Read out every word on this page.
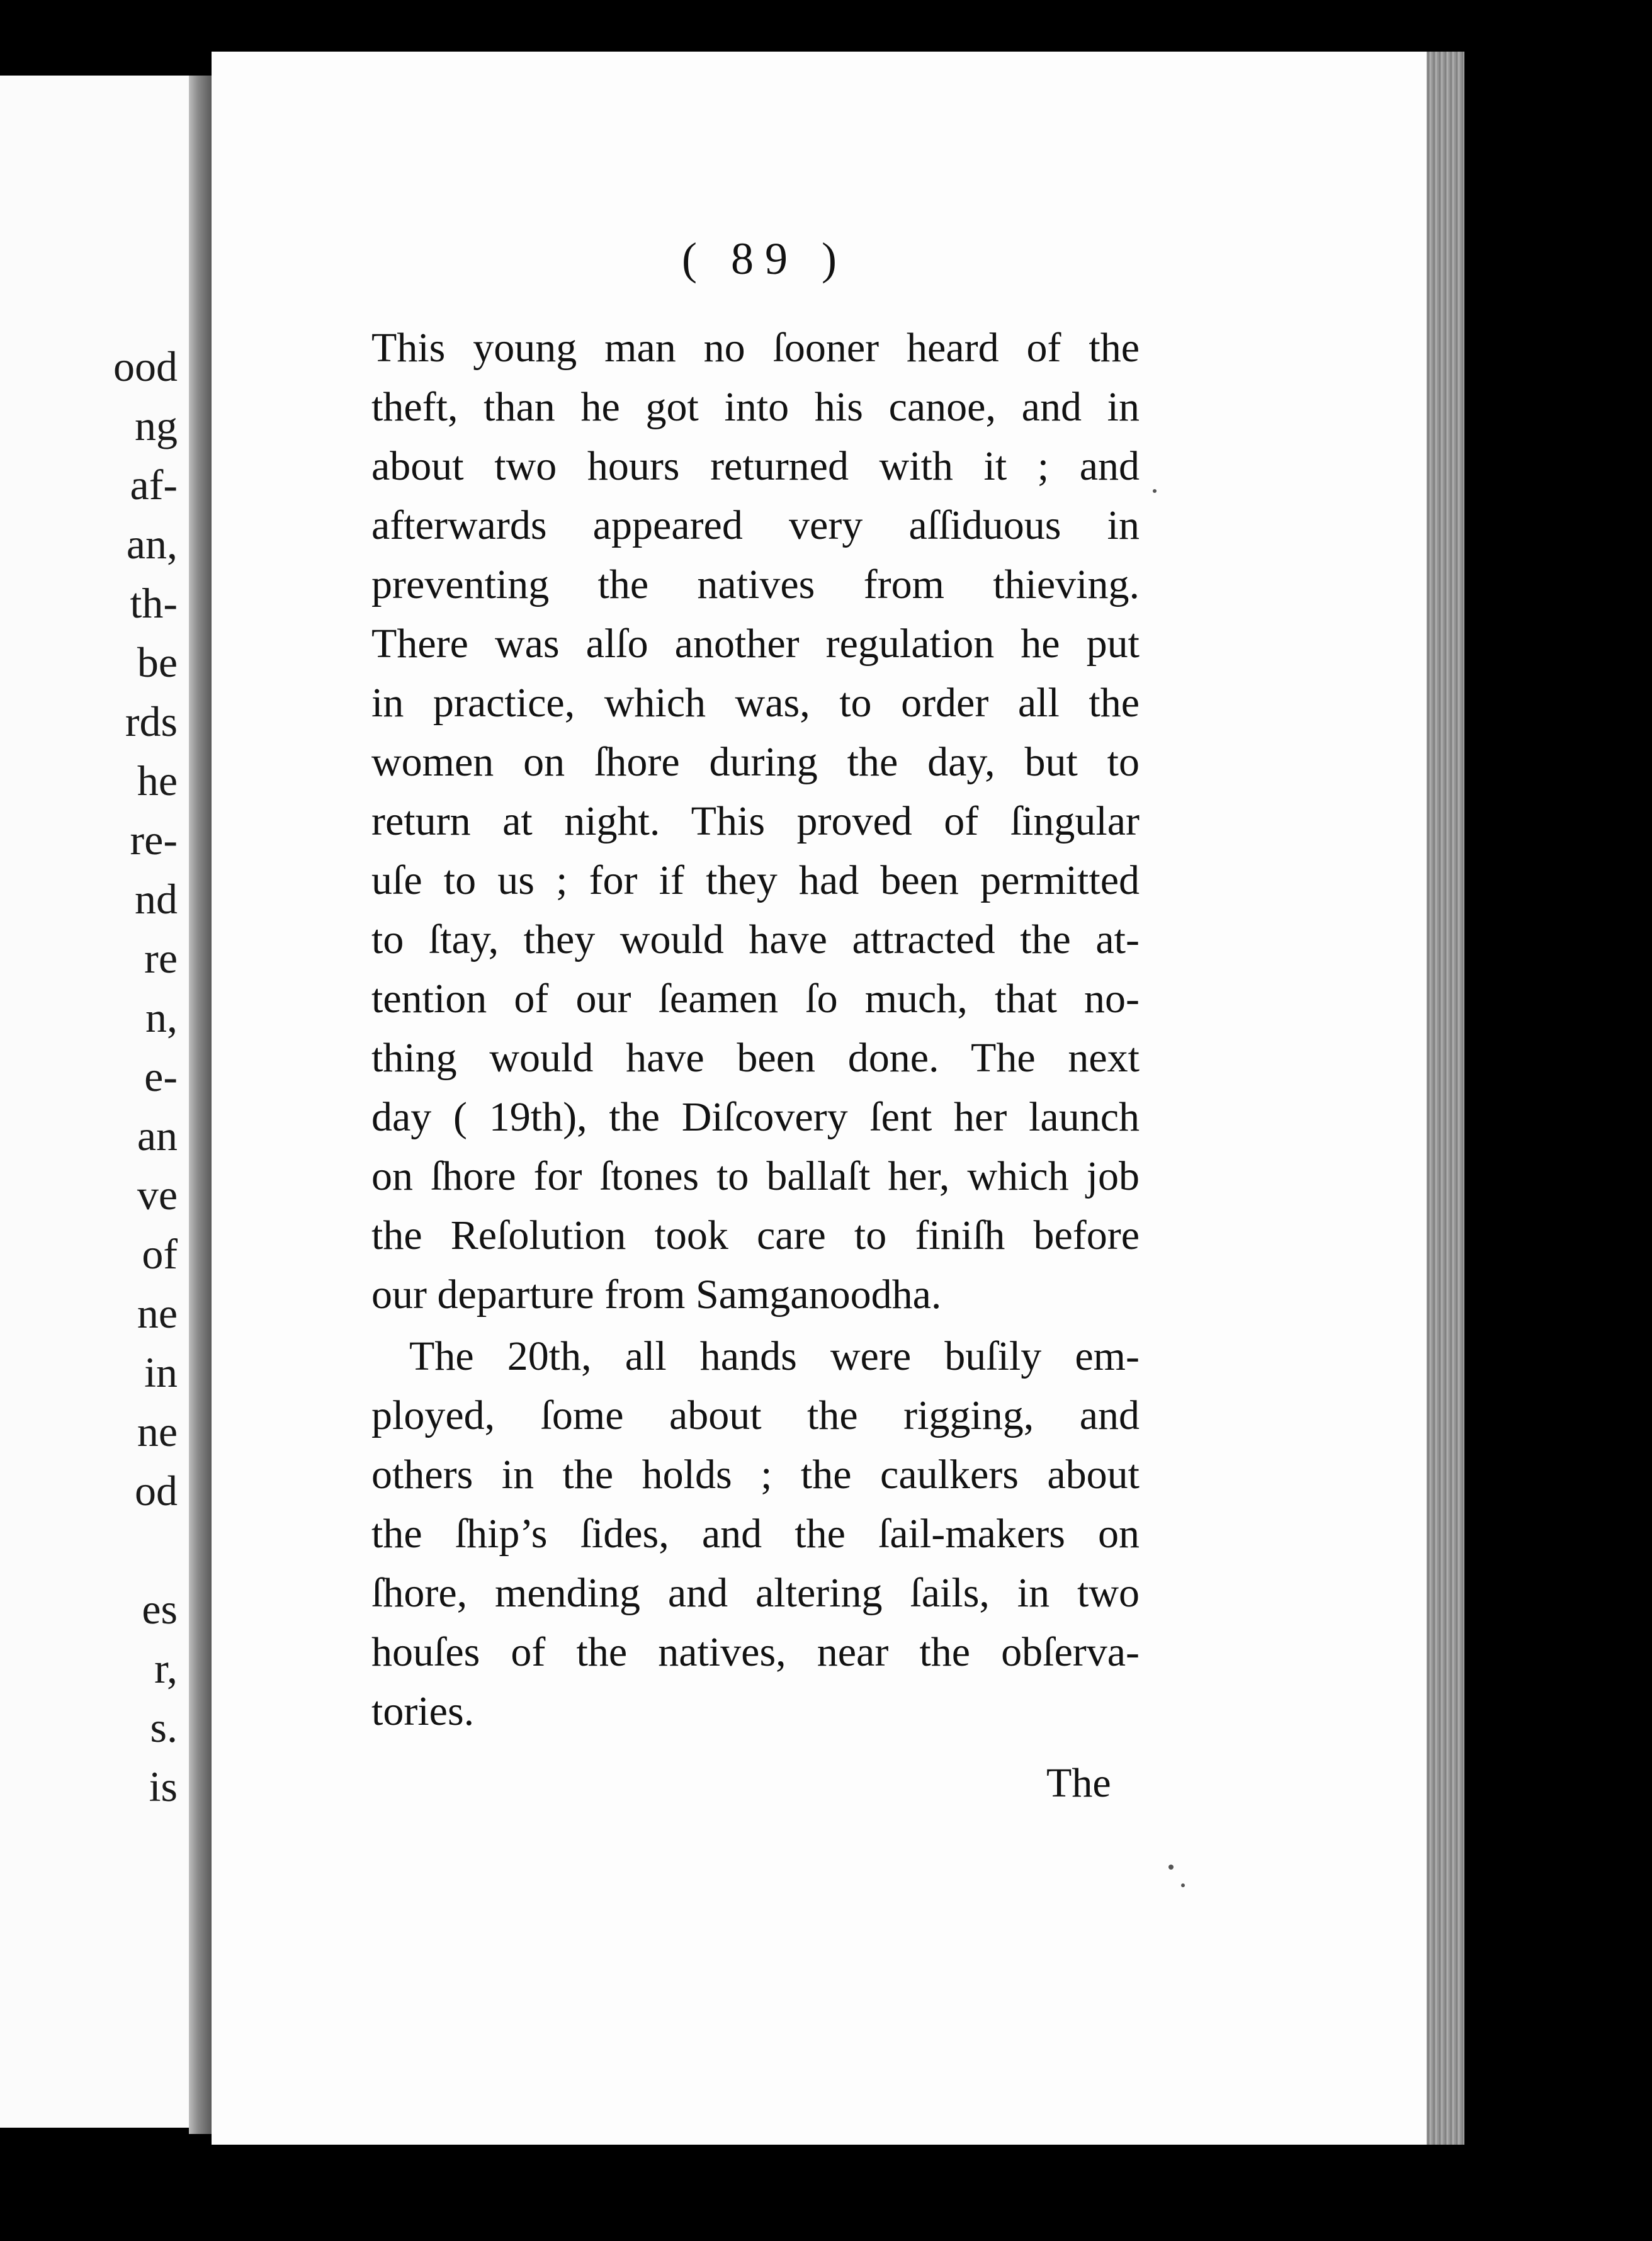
ood
ng
af-
an,
th-
be
rds
he
re-
nd
re
n,
e-
an
ve
of
ne
in
ne
od
es
r,
s.
is
( 89 )
This young man no ſooner heard of the
theft, than he got into his canoe, and in
about two hours returned with it ; and
afterwards appeared very aſſiduous in
preventing the natives from thieving.
There was alſo another regulation he put
in practice, which was, to order all the
women on ſhore during the day, but to
return at night. This proved of ſingular
uſe to us ; for if they had been permitted
to ſtay, they would have attracted the at-
tention of our ſeamen ſo much, that no-
thing would have been done. The next
day ( 19th), the Diſcovery ſent her launch
on ſhore for ſtones to ballaſt her, which job
the Reſolution took care to finiſh before
our departure from Samganoodha.
The 20th, all hands were buſily em-
ployed, ſome about the rigging, and
others in the holds ; the caulkers about
the ſhip’s ſides, and the ſail-makers on
ſhore, mending and altering ſails, in two
houſes of the natives, near the obſerva-
tories.
The
